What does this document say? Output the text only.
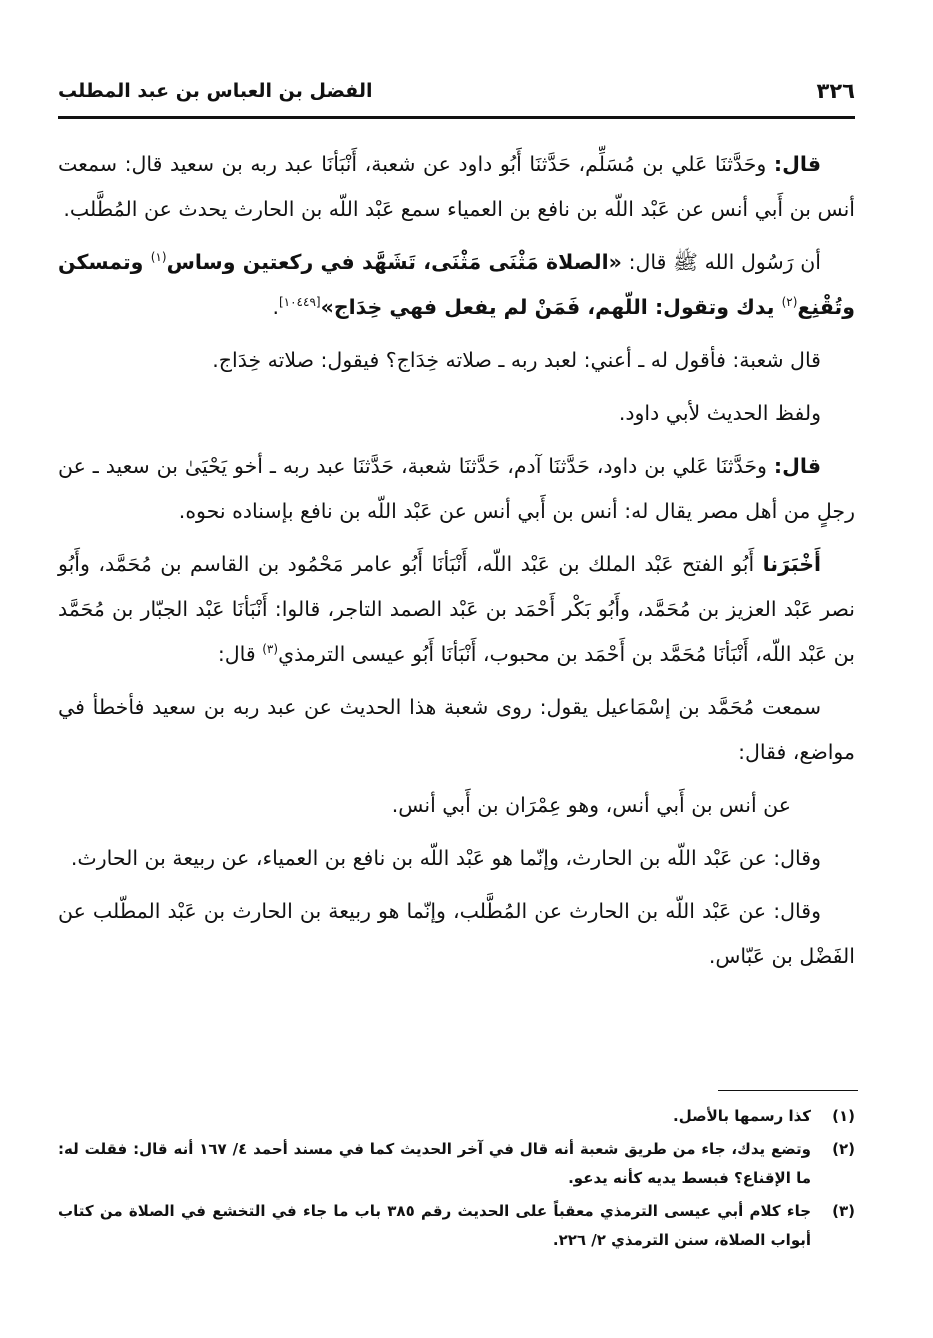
٣٢٦
الفضل بن العباس بن عبد المطلب

قال: وحَدَّثنَا عَلي بن مُسَلِّم، حَدَّثنَا أَبُو داود عن شعبة، أَنْبَأنَا عبد ربه بن سعيد قال: سمعت أنس بن أَبي أنس عن عَبْد اللّه بن نافع بن العمياء سمع عَبْد اللّه بن الحارث يحدث عن المُطَّلب.

أن رَسُول الله ﷺ قال: «الصلاة مَثْنَى مَثْنَى، تَشَهَّد في ركعتين وساس$^{(١)}$ وتمسكن وتُقْنِع$^{(٢)}$ يدك وتقول: اللّهم، فَمَنْ لم يفعل فهي خِدَاج»[١٠٤٤٩].

قال شعبة: فأقول له ـ أعني: لعبد ربه ـ صلاته خِدَاج؟ فيقول: صلاته خِدَاج.

ولفظ الحديث لأبي داود.

قال: وحَدَّثنَا عَلي بن داود، حَدَّثنَا آدم، حَدَّثنَا شعبة، حَدَّثنَا عبد ربه ـ أخو يَحْيَىٰ بن سعيد ـ عن رجلٍ من أهل مصر يقال له: أنس بن أَبي أنس عن عَبْد اللّه بن نافع بإسناده نحوه.

أَخْبَرَنا أَبُو الفتح عَبْد الملك بن عَبْد اللّه، أَنْبَأنَا أَبُو عامر مَحْمُود بن القاسم بن مُحَمَّد، وأَبُو نصر عَبْد العزيز بن مُحَمَّد، وأَبُو بَكْر أَحْمَد بن عَبْد الصمد التاجر، قالوا: أَنْبَأنَا عَبْد الجبّار بن مُحَمَّد بن عَبْد اللّه، أَنْبَأنَا مُحَمَّد بن أَحْمَد بن محبوب، أَنْبَأنَا أَبُو عيسى الترمذي$^{(٣)}$ قال:

سمعت مُحَمَّد بن إسْمَاعيل يقول: روى شعبة هذا الحديث عن عبد ربه بن سعيد فأخطأ في مواضع، فقال:

عن أنس بن أَبي أنس، وهو عِمْرَان بن أَبي أنس.

وقال: عن عَبْد اللّه بن الحارث، وإنّما هو عَبْد اللّه بن نافع بن العمياء، عن ربيعة بن الحارث.

وقال: عن عَبْد اللّه بن الحارث عن المُطَّلب، وإنّما هو ربيعة بن الحارث بن عَبْد المطّلب عن الفَضْل بن عَبّاس.

(١)
كذا رسمها بالأصل.
(٢)
وتضع يدك، جاء من طريق شعبة أنه قال في آخر الحديث كما في مسند أحمد ٤/ ١٦٧ أنه قال: فقلت له: ما الإقناع؟ فبسط يديه كأنه يدعو.
(٣)
جاء كلام أبي عيسى الترمذي معقباً على الحديث رقم ٣٨٥ باب ما جاء في التخشع في الصلاة من كتاب أبواب الصلاة، سنن الترمذي ٢/ ٢٢٦.
